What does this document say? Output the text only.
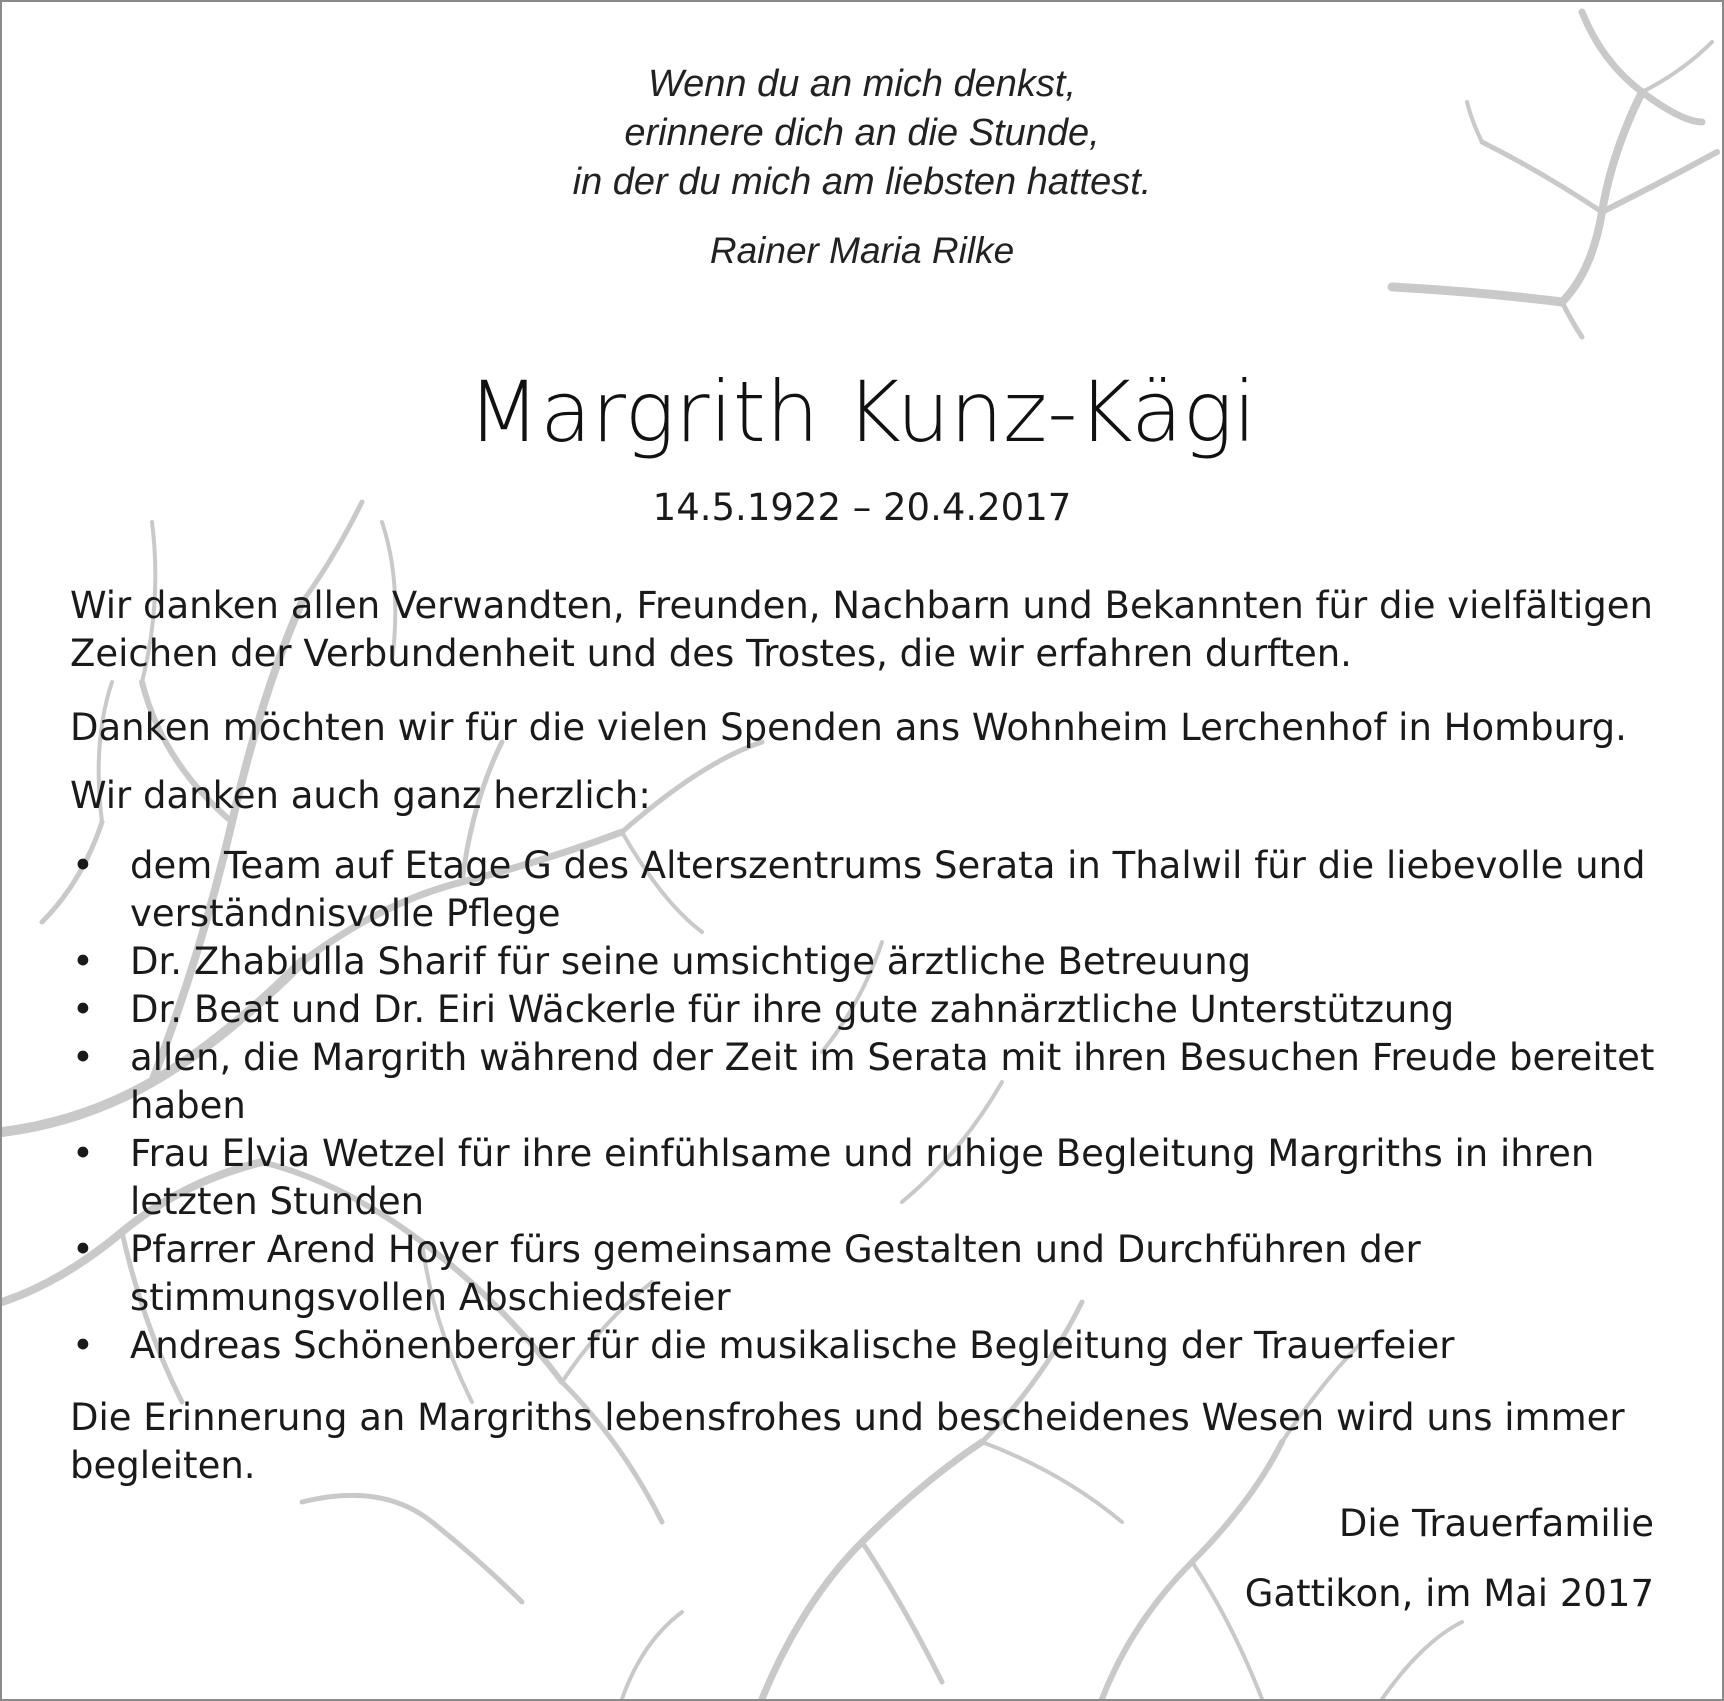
Wenn du an mich denkst,
erinnere dich an die Stunde,
in der du mich am liebsten hattest.
Rainer Maria Rilke
Margrith Kunz-Kägi
14.5.1922 – 20.4.2017
Wir danken allen Verwandten, Freunden, Nachbarn und Bekannten für die vielfältigen Zeichen der Verbundenheit und des Trostes, die wir erfahren durften.
Danken möchten wir für die vielen Spenden ans Wohnheim Lerchenhof in Homburg.
Wir danken auch ganz herzlich:
• dem Team auf Etage G des Alterszentrums Serata in Thalwil für die liebevolle und verständnisvolle Pflege
• Dr. Zhabiulla Sharif für seine umsichtige ärztliche Betreuung
• Dr. Beat und Dr. Eiri Wäckerle für ihre gute zahnärztliche Unterstützung
• allen, die Margrith während der Zeit im Serata mit ihren Besuchen Freude bereitet haben
• Frau Elvia Wetzel für ihre einfühlsame und ruhige Begleitung Margriths in ihren letzten Stunden
• Pfarrer Arend Hoyer fürs gemeinsame Gestalten und Durchführen der stimmungsvollen Abschiedsfeier
• Andreas Schönenberger für die musikalische Begleitung der Trauerfeier
Die Erinnerung an Margriths lebensfrohes und bescheidenes Wesen wird uns immer begleiten.
Die Trauerfamilie
Gattikon, im Mai 2017
